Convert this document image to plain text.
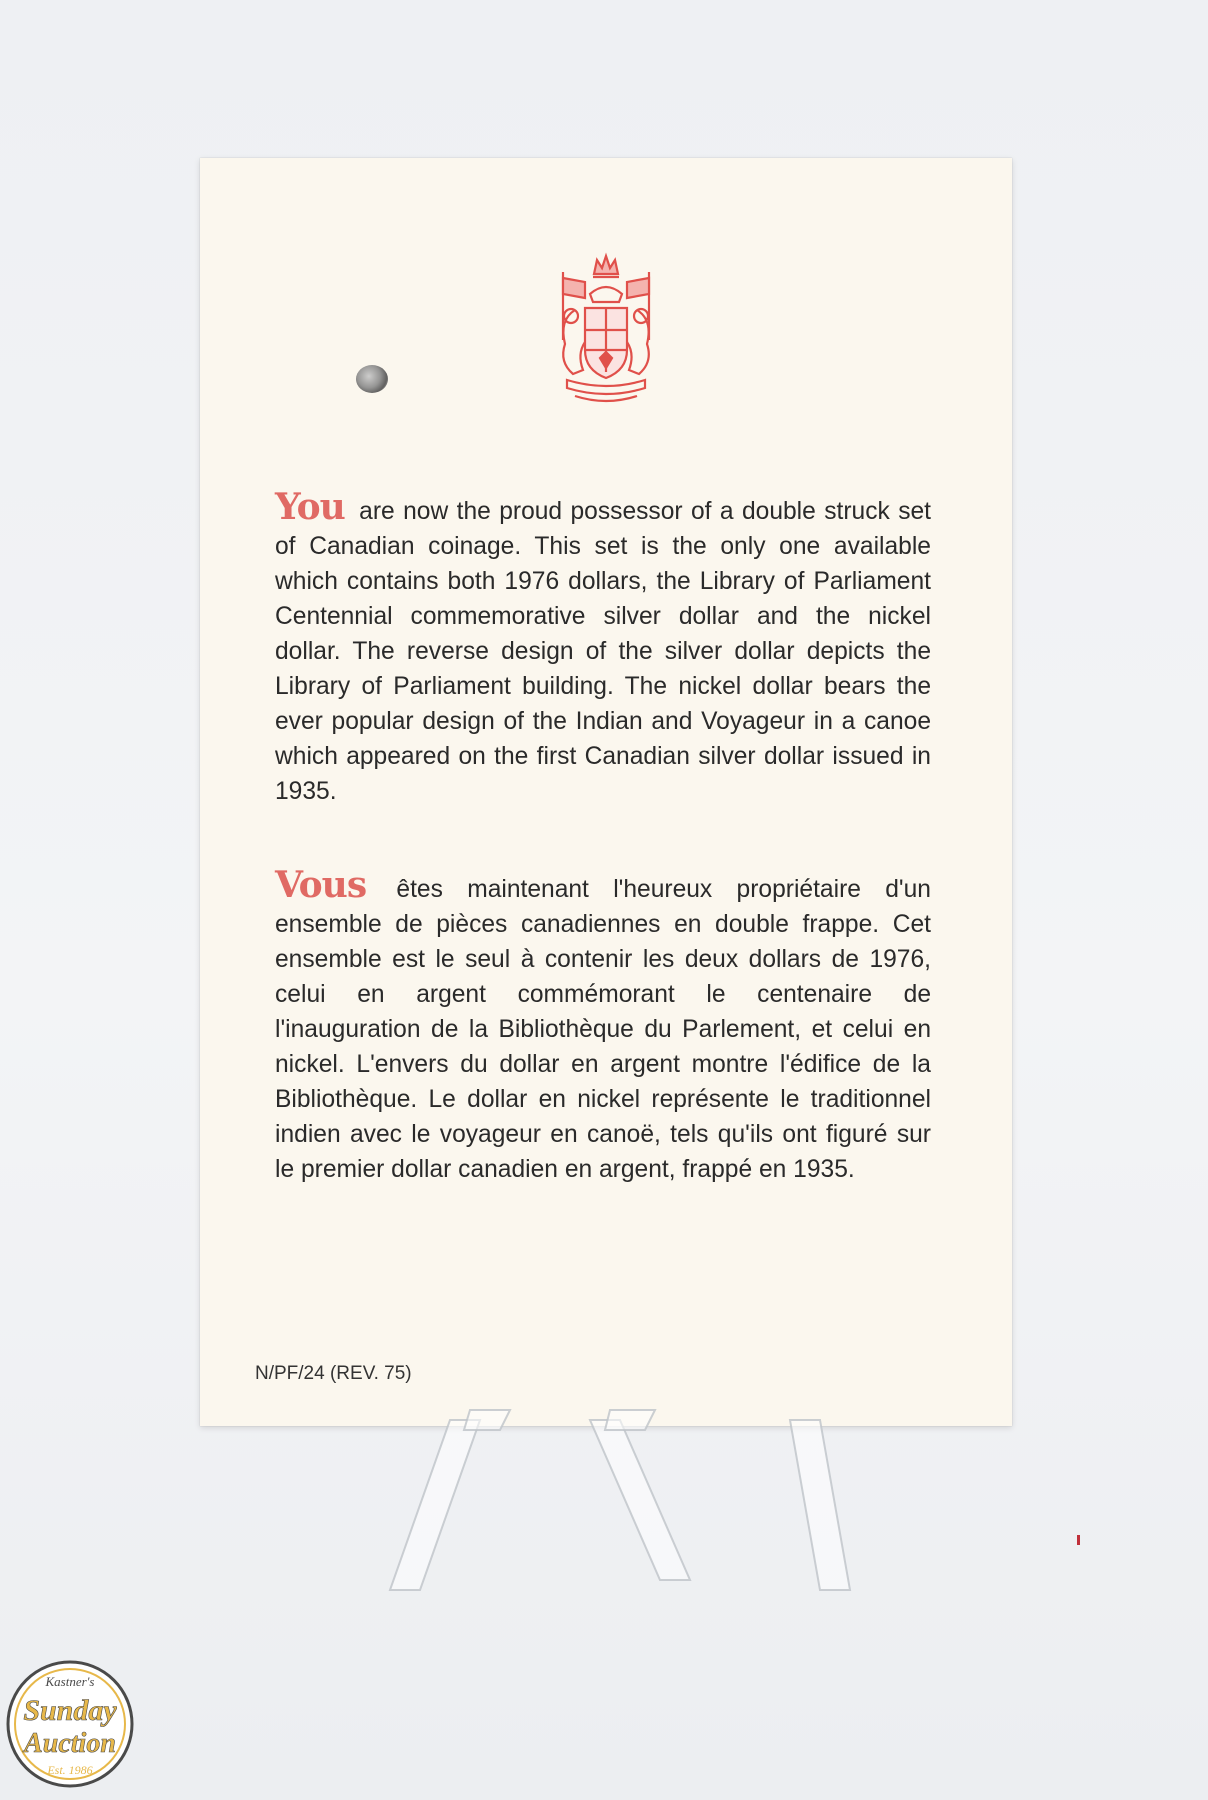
You are now the proud possessor of a double struck set of Canadian coinage. This set is the only one available which contains both 1976 dollars, the Library of Parliament Centennial commemorative silver dollar and the nickel dollar. The reverse design of the silver dollar depicts the Library of Parliament building. The nickel dollar bears the ever popular design of the Indian and Voyageur in a canoe which appeared on the first Canadian silver dollar issued in 1935.
Vous êtes maintenant l'heureux propriétaire d'un ensemble de pièces canadiennes en double frappe. Cet ensemble est le seul à contenir les deux dollars de 1976, celui en argent commémorant le centenaire de l'inauguration de la Bibliothèque du Parlement, et celui en nickel. L'envers du dollar en argent montre l'édifice de la Bibliothèque. Le dollar en nickel représente le traditionnel indien avec le voyageur en canoë, tels qu'ils ont figuré sur le premier dollar canadien en argent, frappé en 1935.
N/PF/24 (REV. 75)
Kastner's
Sunday
Auction
Est. 1986
